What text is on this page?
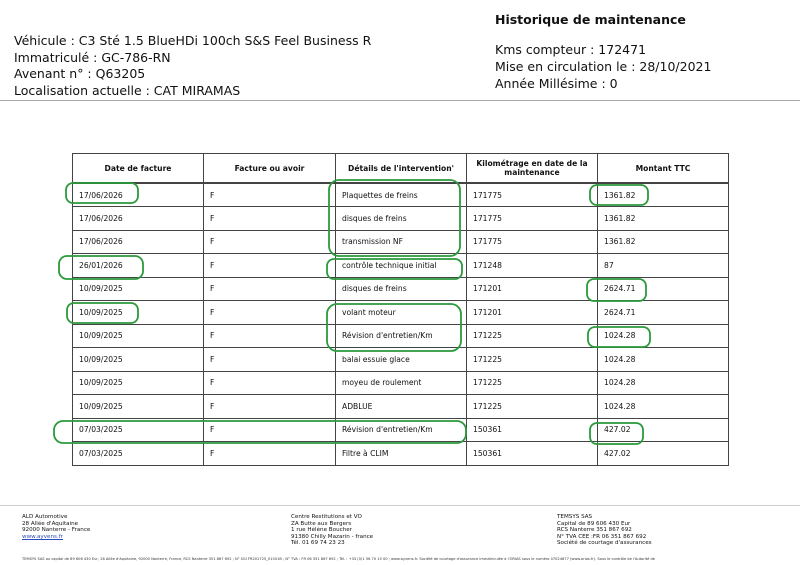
Véhicule : C3 Sté 1.5 BlueHDi 100ch S&S Feel Business R
Immatriculé : GC-786-RN
Avenant n° : Q63205
Localisation actuelle : CAT MIRAMAS
Historique de maintenance
Kms compteur : 172471
Mise en circulation le : 28/10/2021
Année Millésime : 0
Date de facture	Facture ou avoir	Détails de l'intervention'	Kilométrage en date de la maintenance	Montant TTC
17/06/2026	F	Plaquettes de freins	171775	1361.82
17/06/2026	F	disques de freins	171775	1361.82
17/06/2026	F	transmission NF	171775	1361.82
26/01/2026	F	contrôle technique initial	171248	87
10/09/2025	F	disques de freins	171201	2624.71
10/09/2025	F	volant moteur	171201	2624.71
10/09/2025	F	Révision d'entretien/Km	171225	1024.28
10/09/2025	F	balai essuie glace	171225	1024.28
10/09/2025	F	moyeu de roulement	171225	1024.28
10/09/2025	F	ADBLUE	171225	1024.28
07/03/2025	F	Révision d'entretien/Km	150361	427.02
07/03/2025	F	Filtre à CLIM	150361	427.02
ALD Automotive
28 Allée d'Aquitaine
92000 Nanterre - France
www.ayvens.fr
Centre Restitutions et VO
ZA Butte aux Bergers
1 rue Hélène Boucher
91380 Chilly Mazarin - france
Tél. 01 69 74 23 23
TEMSYS SAS
Capital de 89 606 430 Eur
RCS Nanterre 351 867 692
N° TVA CEE :FR 06 351 867 692
Société de courtage d'assurances
TEMSYS SAS au capital de 89 606 430 Eur, 28 Allée d'Aquitaine, 92000 Nanterre, France, RCS Nanterre 351 867 692 ; N° SGI FR201725_01501B ; N° TVA : FR 06 351 867 692 ; Tél. : +33 (0)1 56 70 15 00 ; www.ayvens.fr. Société de courtage d'assurance immatriculée à l'ORIAS sous le numéro 07024677 (www.orias.fr). Sous le contrôle de l'Autorité de
